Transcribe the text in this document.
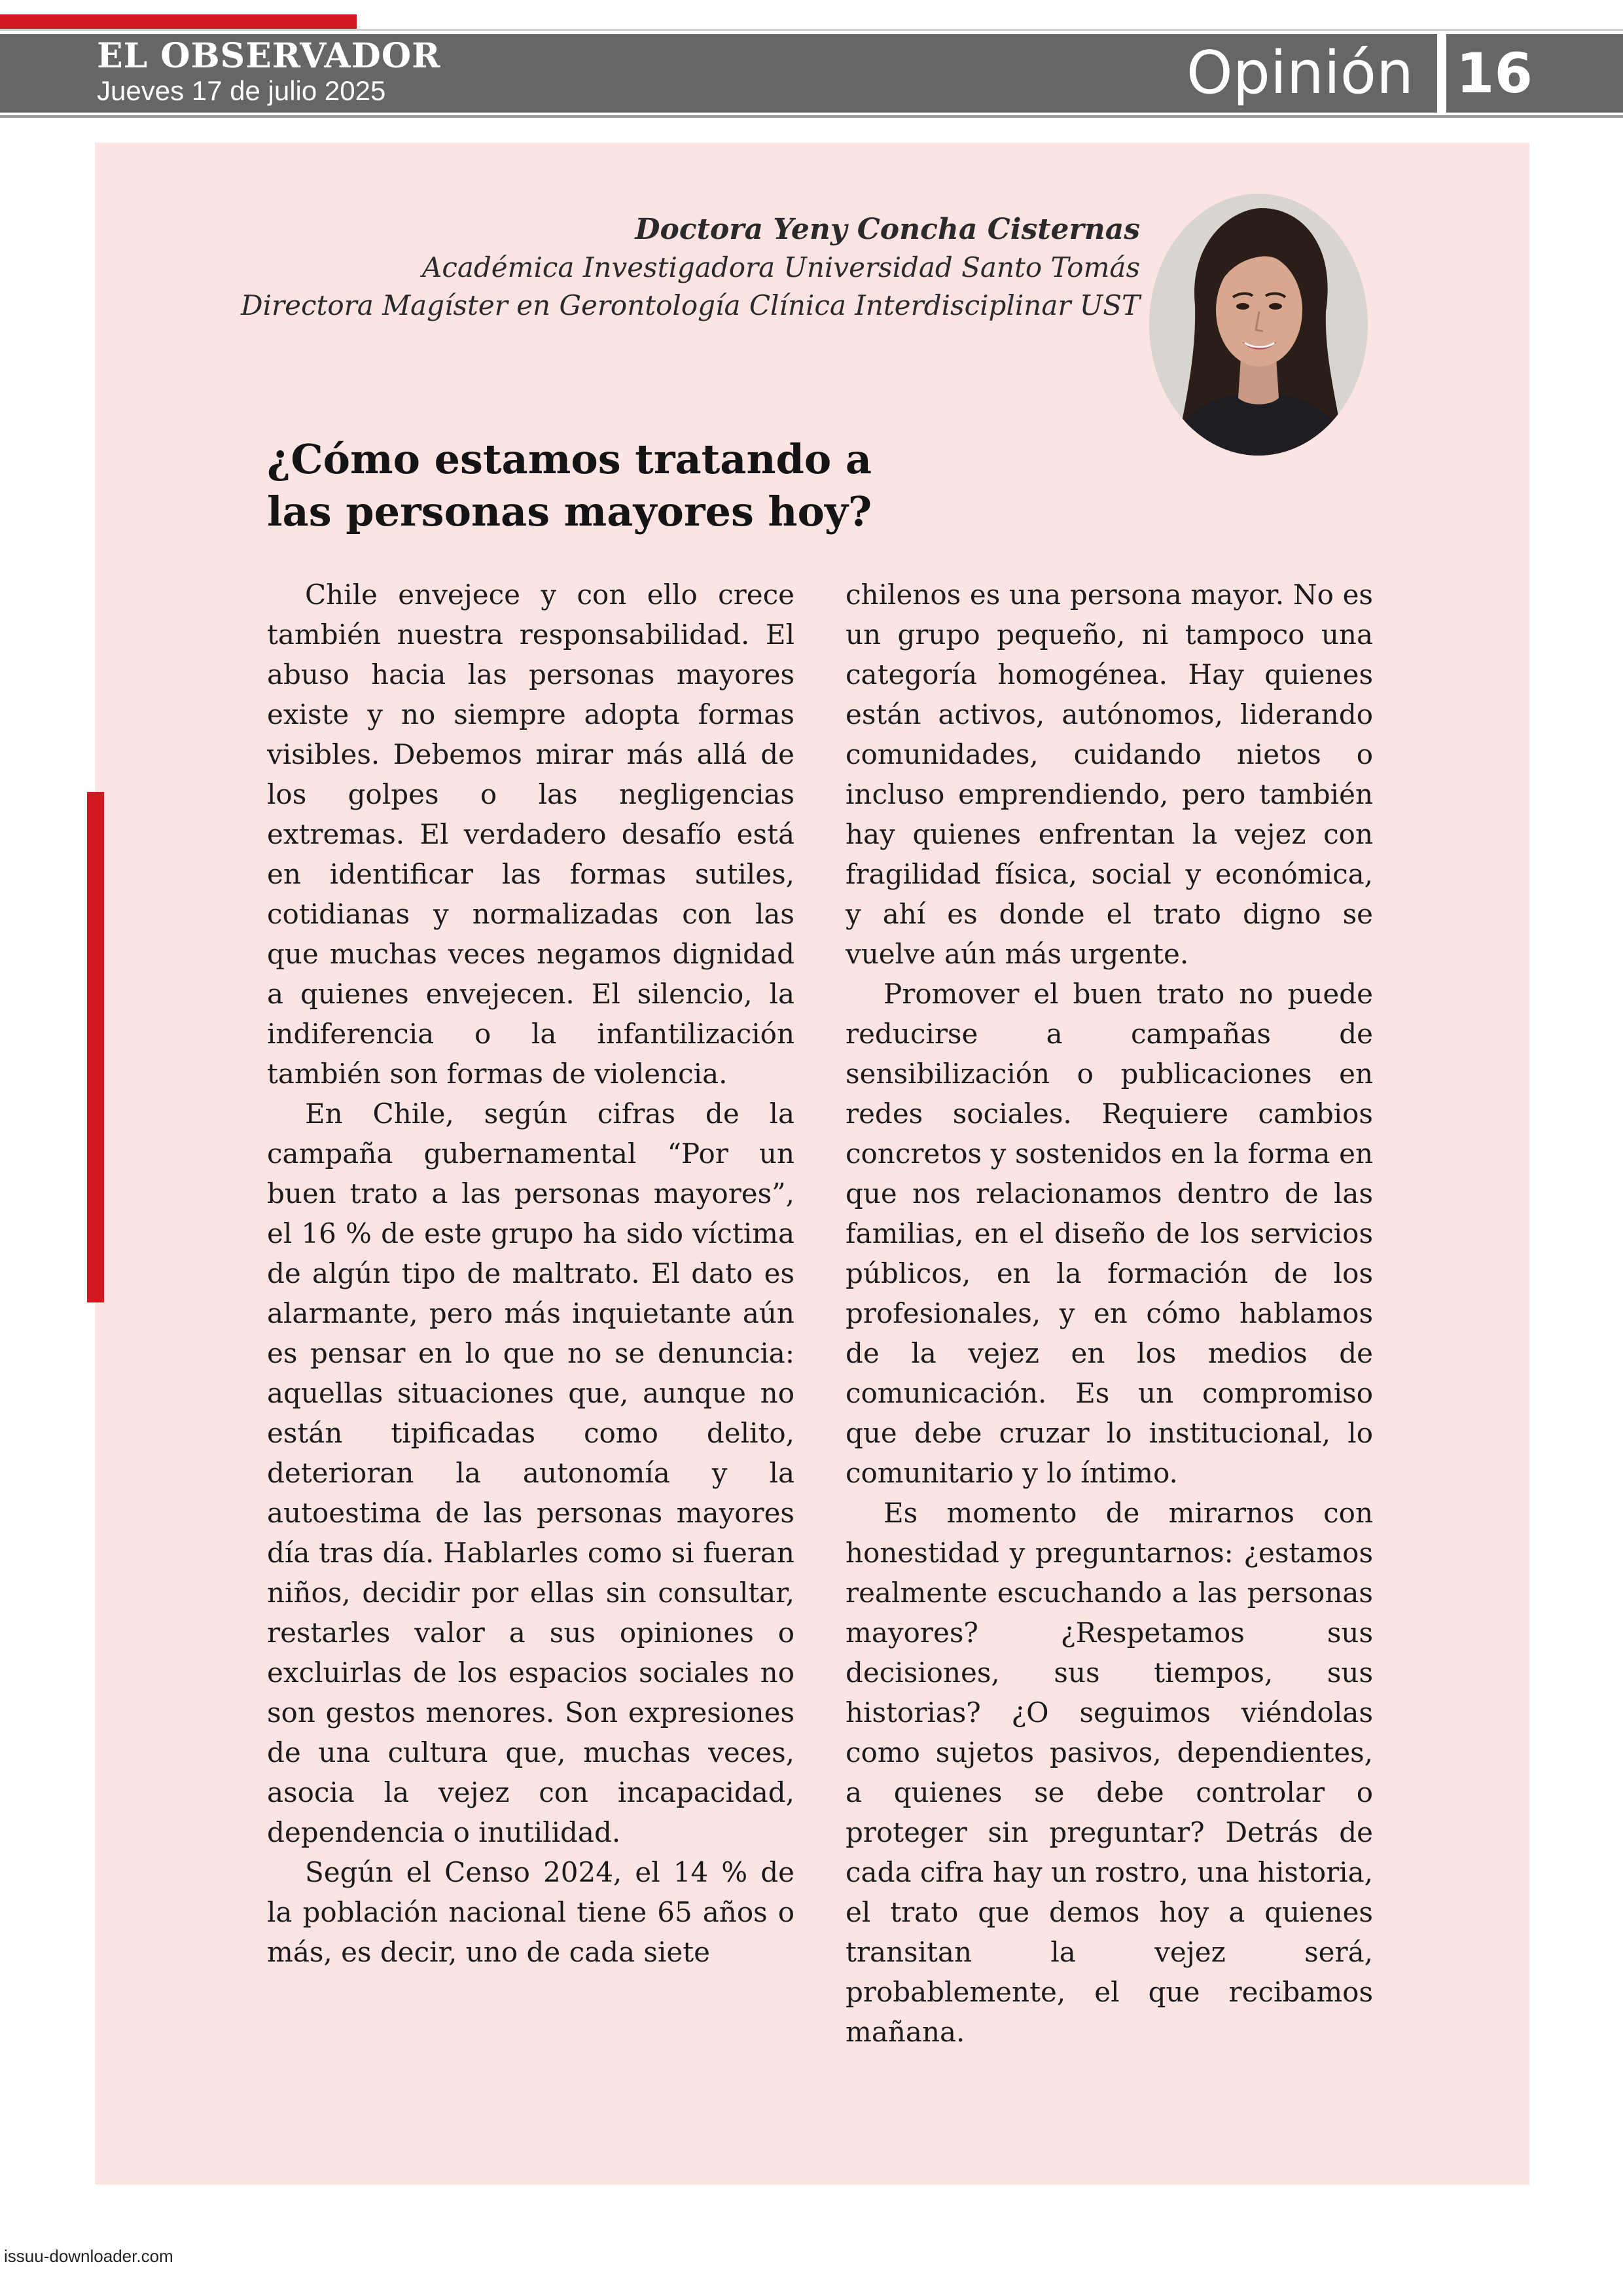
EL OBSERVADOR
Jueves 17 de julio 2025	Opinión 16
Doctora Yeny Concha Cisternas
Académica Investigadora Universidad Santo Tomás
Directora Magíster en Gerontología Clínica Interdisciplinar UST
¿Cómo estamos tratando a las personas mayores hoy?

Chile envejece y con ello crece también nuestra responsabilidad. El abuso hacia las personas mayores existe y no siempre adopta formas visibles. Debemos mirar más allá de los golpes o las negligencias extremas. El verdadero desafío está en identificar las formas sutiles, cotidianas y normalizadas con las que muchas veces negamos dignidad a quienes envejecen. El silencio, la indiferencia o la infantilización también son formas de violencia.

En Chile, según cifras de la campaña gubernamental “Por un buen trato a las personas mayores”, el 16 % de este grupo ha sido víctima de algún tipo de maltrato. El dato es alarmante, pero más inquietante aún es pensar en lo que no se denuncia: aquellas situaciones que, aunque no están tipificadas como delito, deterioran la autonomía y la autoestima de las personas mayores día tras día. Hablarles como si fueran niños, decidir por ellas sin consultar, restarles valor a sus opiniones o excluirlas de los espacios sociales no son gestos menores. Son expresiones de una cultura que, muchas veces, asocia la vejez con incapacidad, dependencia o inutilidad.

Según el Censo 2024, el 14 % de la población nacional tiene 65 años o más, es decir, uno de cada siete

chilenos es una persona mayor. No es un grupo pequeño, ni tampoco una categoría homogénea. Hay quienes están activos, autónomos, liderando comunidades, cuidando nietos o incluso emprendiendo, pero también hay quienes enfrentan la vejez con fragilidad física, social y económica, y ahí es donde el trato digno se vuelve aún más urgente.

Promover el buen trato no puede reducirse a campañas de sensibilización o publicaciones en redes sociales. Requiere cambios concretos y sostenidos en la forma en que nos relacionamos dentro de las familias, en el diseño de los servicios públicos, en la formación de los profesionales, y en cómo hablamos de la vejez en los medios de comunicación. Es un compromiso que debe cruzar lo institucional, lo comunitario y lo íntimo.

Es momento de mirarnos con honestidad y preguntarnos: ¿estamos realmente escuchando a las personas mayores? ¿Respetamos sus decisiones, sus tiempos, sus historias? ¿O seguimos viéndolas como sujetos pasivos, dependientes, a quienes se debe controlar o proteger sin preguntar? Detrás de cada cifra hay un rostro, una historia, el trato que demos hoy a quienes transitan la vejez será, probablemente, el que recibamos mañana.

issuu-downloader.com
